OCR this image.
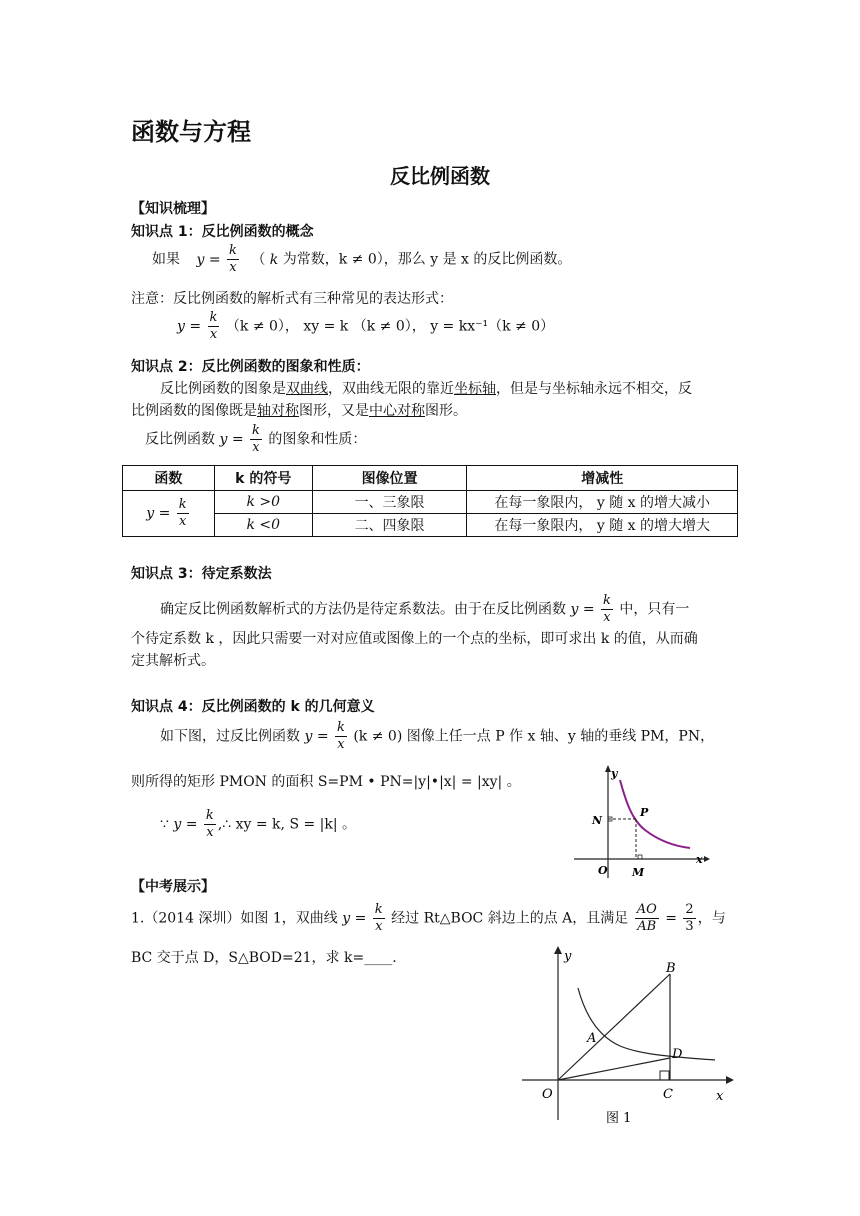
函数与方程
反比例函数
【知识梳理】
知识点 1：反比例函数的概念
如果 $y = \frac{k}{x}$ （ k 为常数，k ≠ 0），那么 y 是 x 的反比例函数。
注意：反比例函数的解析式有三种常见的表达形式：
$y = \frac{k}{x} (k \ne 0)$， xy = k （k ≠ 0）， y = kx⁻¹（k ≠ 0）
知识点 2：反比例函数的图象和性质：
反比例函数的图象是双曲线，双曲线无限的靠近坐标轴，但是与坐标轴永远不相交，反
比例函数的图像既是轴对称图形，又是中心对称图形。
反比例函数 $y = \frac{k}{x}$ 的图象和性质：
函数	k 的符号	图像位置	增减性
$y = \frac{k}{x}$	k >0	一、三象限	在每一象限内， y 随 x 的增大减小
	k <0	二、四象限	在每一象限内， y 随 x 的增大增大
知识点 3：待定系数法
确定反比例函数解析式的方法仍是待定系数法。由于在反比例函数 $y = \frac{k}{x}$ 中，只有一
个待定系数 k ，因此只需要一对对应值或图像上的一个点的坐标，即可求出 k 的值，从而确
定其解析式。
知识点 4：反比例函数的 k 的几何意义
如下图，过反比例函数 $y = \frac{k}{x} (k \ne 0)$ 图像上任一点 P 作 x 轴、y 轴的垂线 PM，PN，
则所得的矩形 PMON 的面积 S=PM • PN=|y|•|x| = |xy| 。
∵ $y = \frac{k}{x}$ ,∴ xy = k, S = |k| 。
y
x
O
N
P
M
【中考展示】
1.（2014 深圳）如图 1，双曲线 $y = \frac{k}{x}$ 经过 Rt△BOC 斜边上的点 A，且满足 $\frac{AO}{AB} = \frac{2}{3}$ ，与
BC 交于点 D，S△BOD=21，求 k=____.	y
x
O
A
B
C
D
图 1
